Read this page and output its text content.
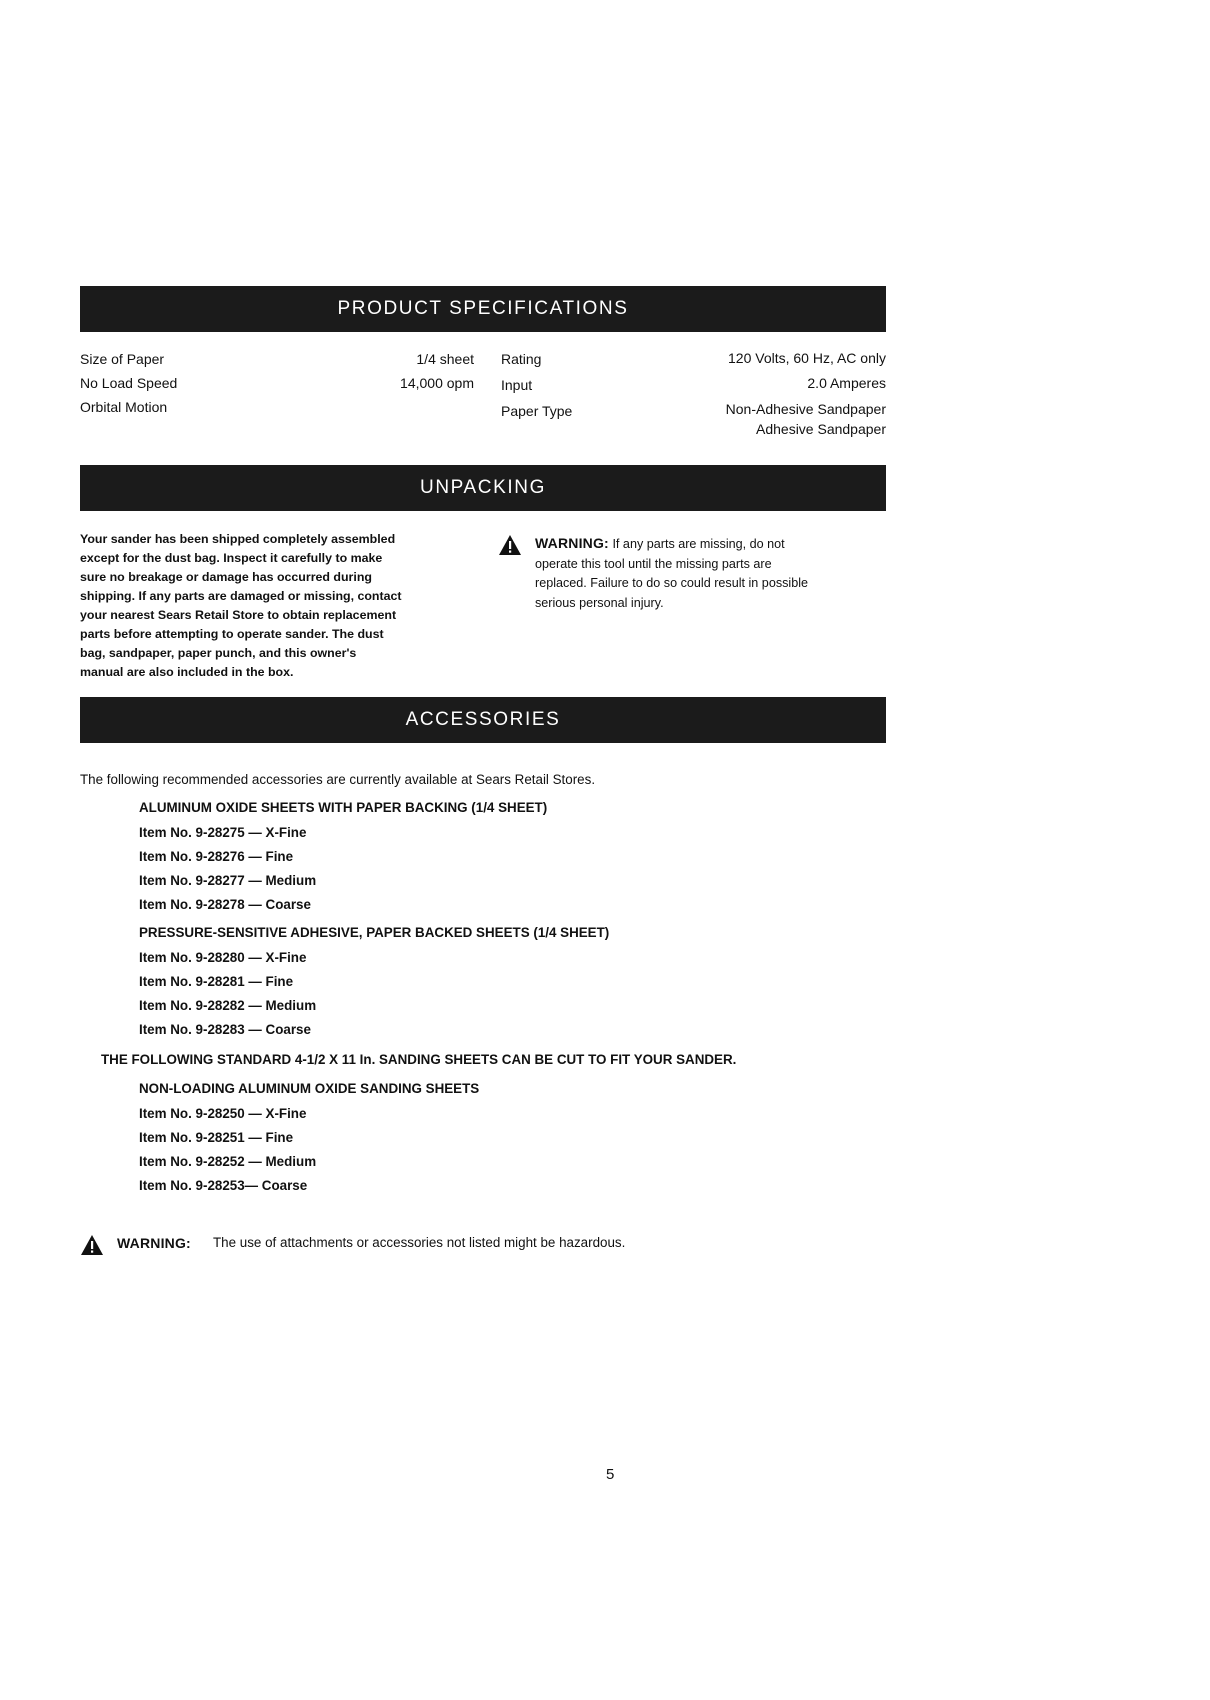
PRODUCT SPECIFICATIONS
Size of Paper
No Load Speed
Orbital Motion
1/4 sheet
14,000 opm
Rating
Input
Paper Type
120 Volts, 60 Hz, AC only
2.0 Amperes
Non-Adhesive Sandpaper
Adhesive Sandpaper
UNPACKING
Your sander has been shipped completely assembled
except for the dust bag. Inspect it carefully to make
sure no breakage or damage has occurred during
shipping. If any parts are damaged or missing, contact
your nearest Sears Retail Store to obtain replacement
parts before attempting to operate sander. The dust
bag, sandpaper, paper punch, and this owner's
manual are also included in the box.
WARNING: If any parts are missing, do not
operate this tool until the missing parts are
replaced. Failure to do so could result in possible
serious personal injury.
ACCESSORIES
The following recommended accessories are currently available at Sears Retail Stores.
ALUMINUM OXIDE SHEETS WITH PAPER BACKING (1/4 SHEET)
Item No. 9-28275 — X-Fine
Item No. 9-28276 — Fine
Item No. 9-28277 — Medium
Item No. 9-28278 — Coarse
PRESSURE-SENSITIVE ADHESIVE, PAPER BACKED SHEETS (1/4 SHEET)
Item No. 9-28280 — X-Fine
Item No. 9-28281 — Fine
Item No. 9-28282 — Medium
Item No. 9-28283 — Coarse
THE FOLLOWING STANDARD 4-1/2 X 11 In. SANDING SHEETS CAN BE CUT TO FIT YOUR SANDER.
NON-LOADING ALUMINUM OXIDE SANDING SHEETS
Item No. 9-28250 — X-Fine
Item No. 9-28251 — Fine
Item No. 9-28252 — Medium
Item No. 9-28253— Coarse
WARNING: The use of attachments or accessories not listed might be hazardous.
5
